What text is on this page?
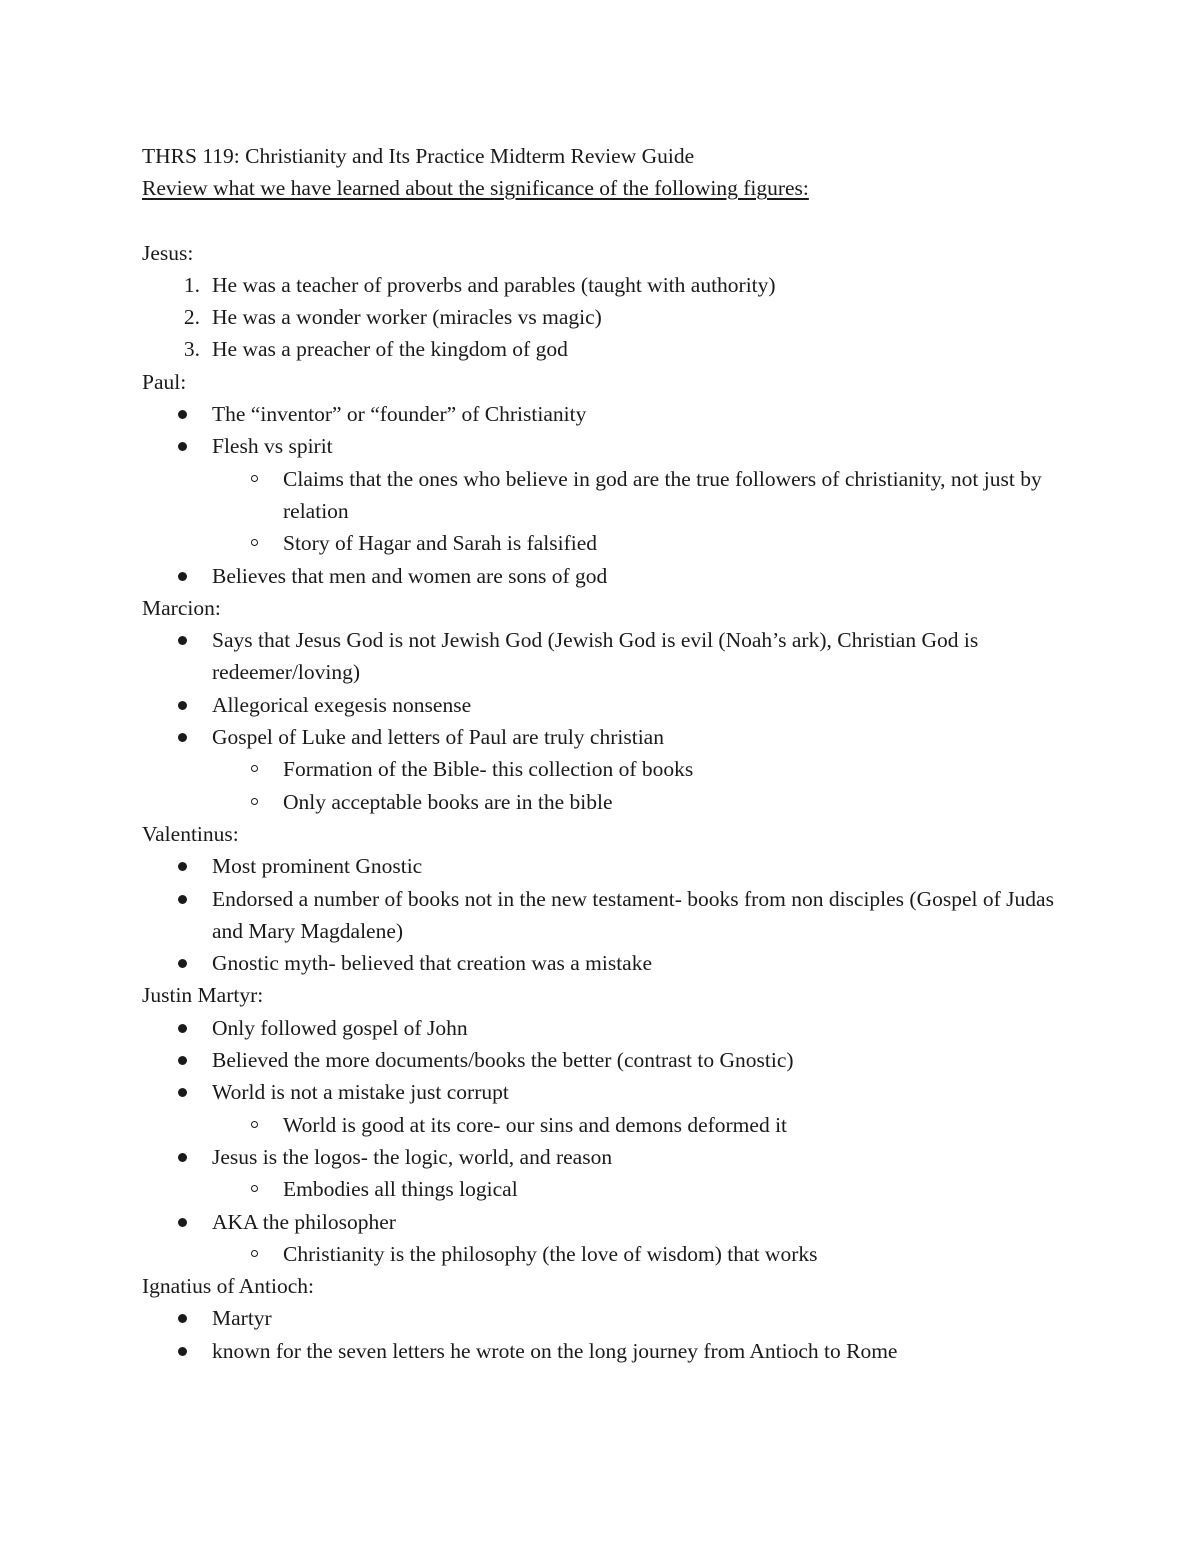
THRS 119: Christianity and Its Practice Midterm Review Guide

Review what we have learned about the significance of the following figures:

Jesus:

1. He was a teacher of proverbs and parables (taught with authority)
2. He was a wonder worker (miracles vs magic)
3. He was a preacher of the kingdom of god

Paul:

The “inventor” or “founder” of Christianity
Flesh vs spirit
Claims that the ones who believe in god are the true followers of christianity, not just by relation
Story of Hagar and Sarah is falsified
Believes that men and women are sons of god

Marcion:

Says that Jesus God is not Jewish God (Jewish God is evil (Noah’s ark), Christian God is redeemer/loving)
Allegorical exegesis nonsense
Gospel of Luke and letters of Paul are truly christian
Formation of the Bible- this collection of books
Only acceptable books are in the bible

Valentinus:

Most prominent Gnostic
Endorsed a number of books not in the new testament- books from non disciples (Gospel of Judas and Mary Magdalene)
Gnostic myth- believed that creation was a mistake

Justin Martyr:

Only followed gospel of John
Believed the more documents/books the better (contrast to Gnostic)
World is not a mistake just corrupt
World is good at its core- our sins and demons deformed it
Jesus is the logos- the logic, world, and reason
Embodies all things logical
AKA the philosopher
Christianity is the philosophy (the love of wisdom) that works

Ignatius of Antioch:

Martyr
known for the seven letters he wrote on the long journey from Antioch to Rome
